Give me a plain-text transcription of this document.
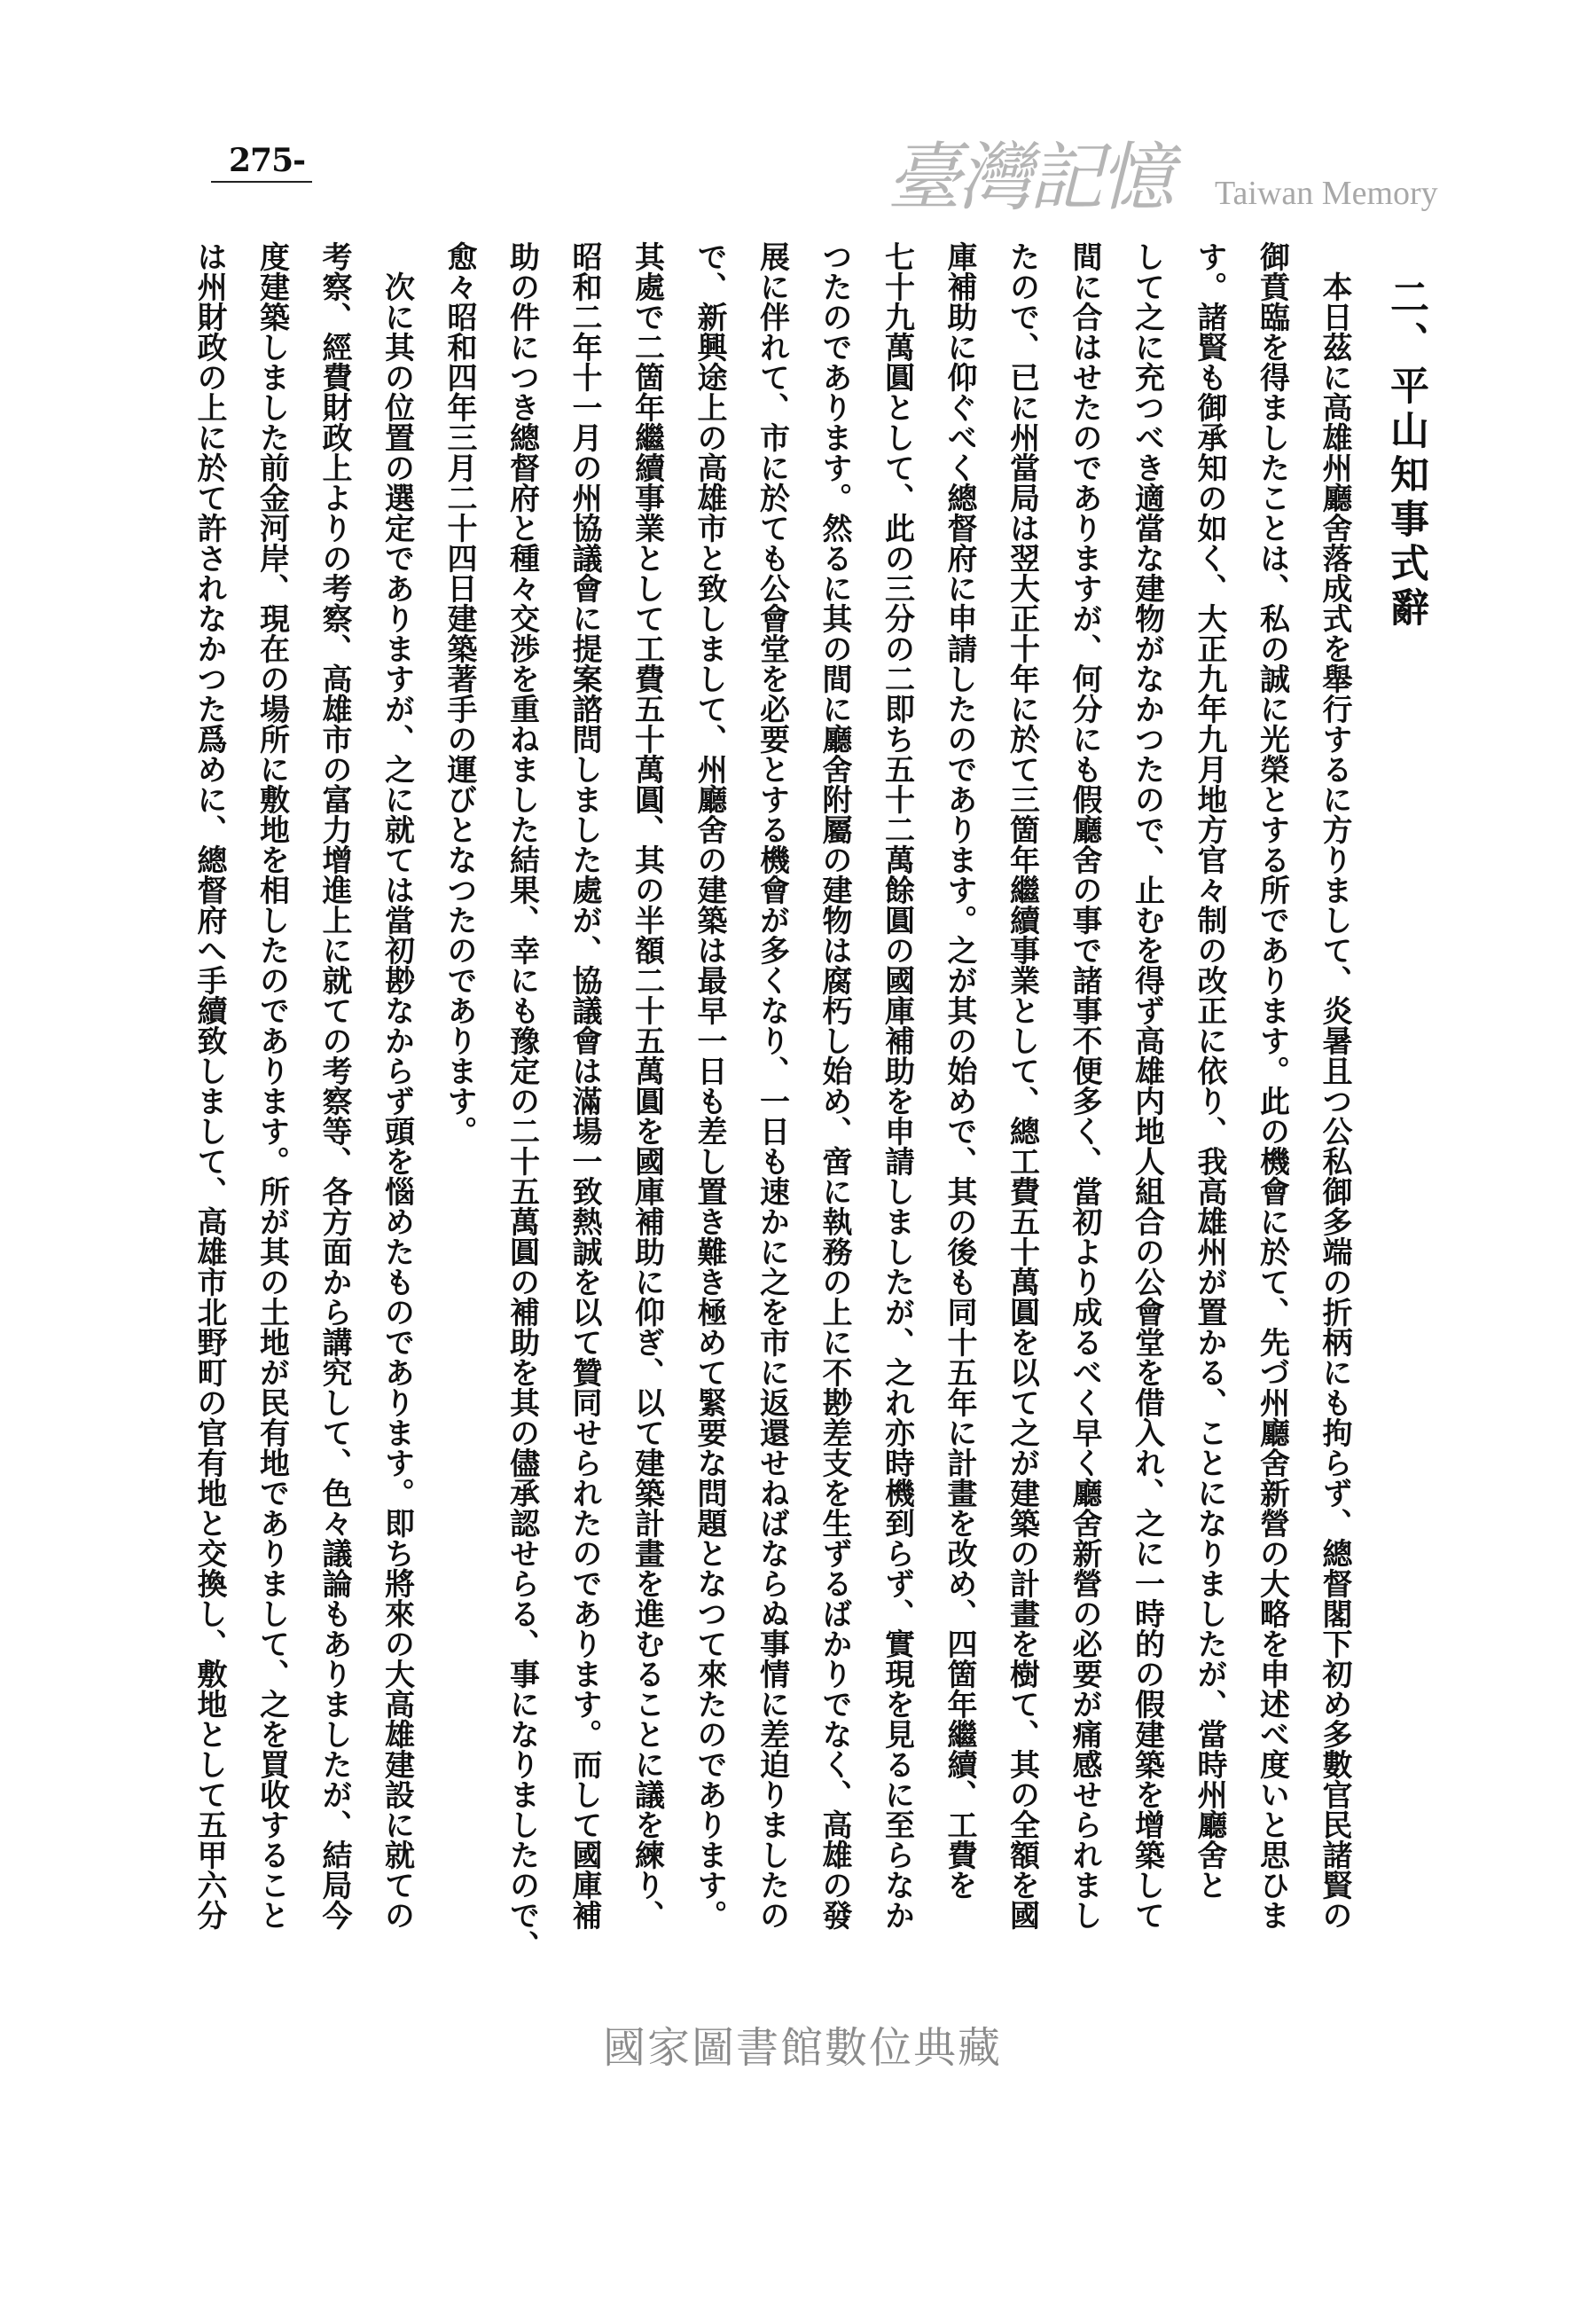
275-	臺灣記憶 Taiwan Memory
二、平山知事式辭
本日茲に高雄州廳舍落成式を舉行するに方りまして、炎暑且つ公私御多端の折柄にも拘らず、總督閣下初め多數官民諸賢の
御賁臨を得ましたことは、私の誠に光榮とする所であります。此の機會に於て、先づ州廳舍新營の大略を申述べ度いと思ひま
す。諸賢も御承知の如く、大正九年九月地方官々制の改正に依り、我高雄州が置かる、ことになりましたが、當時州廳舍と
して之に充つべき適當な建物がなかつたので、止むを得ず高雄内地人組合の公會堂を借入れ、之に一時的の假建築を增築して
間に合はせたのでありますが、何分にも假廳舍の事で諸事不便多く、當初より成るべく早く廳舍新營の必要が痛感せられまし
たので、已に州當局は翌大正十年に於て三箇年繼續事業として、總工費五十萬圓を以て之が建築の計畫を樹て、其の全額を國
庫補助に仰ぐべく總督府に申請したのであります。之が其の始めで、其の後も同十五年に計畫を改め、四箇年繼續、工費を
七十九萬圓として、此の三分の二即ち五十二萬餘圓の國庫補助を申請しましたが、之れ亦時機到らず、實現を見るに至らなか
つたのであります。然るに其の間に廳舍附屬の建物は腐朽し始め、啻に執務の上に不尠差支を生ずるばかりでなく、高雄の發
展に伴れて、市に於ても公會堂を必要とする機會が多くなり、一日も速かに之を市に返還せねばならぬ事情に差迫りましたの
で、新興途上の高雄市と致しまして、州廳舍の建築は最早一日も差し置き難き極めて緊要な問題となつて來たのであります。
其處で二箇年繼續事業として工費五十萬圓、其の半額二十五萬圓を國庫補助に仰ぎ、以て建築計畫を進むることに議を練り、
昭和二年十一月の州協議會に提案諮問しました處が、協議會は滿場一致熱誠を以て贊同せられたのであります。而して國庫補
助の件につき總督府と種々交渉を重ねました結果、幸にも豫定の二十五萬圓の補助を其の儘承認せらる、事になりましたので、
愈々昭和四年三月二十四日建築著手の運びとなつたのであります。
次に其の位置の選定でありますが、之に就ては當初尠なからず頭を惱めたものであります。即ち將來の大高雄建設に就ての
考察、經費財政上よりの考察、高雄市の富力增進上に就ての考察等、各方面から講究して、色々議論もありましたが、結局今
度建築しました前金河岸、現在の場所に敷地を相したのであります。所が其の土地が民有地でありまして、之を買收すること
は州財政の上に於て許されなかつた爲めに、總督府へ手續致しまして、高雄市北野町の官有地と交換し、敷地として五甲六分
國家圖書館數位典藏
